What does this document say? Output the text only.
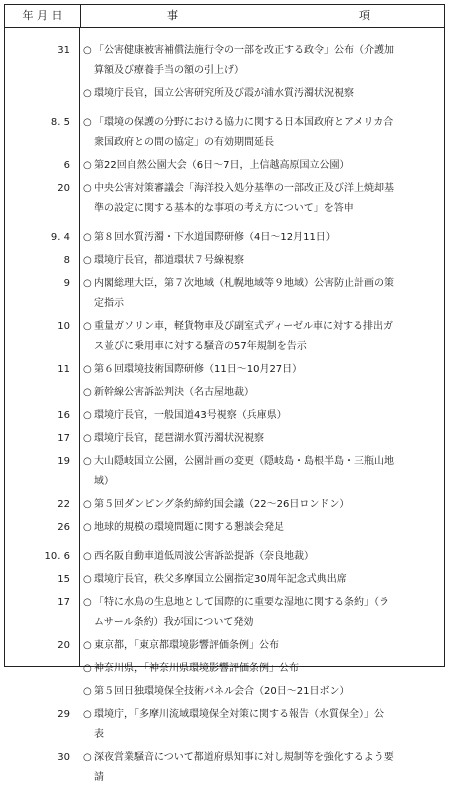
年 月 日	事	項
31 ○ 「公害健康被害補償法施行令の一部を改正する政令」公布（介護加
算額及び療養手当の額の引上げ）
○ 環境庁長官，国立公害研究所及び霞が浦水質汚濁状況視察
8. 5 ○ 「環境の保護の分野における協力に関する日本国政府とアメリカ合
衆国政府との間の協定」の有効期間延長
6 ○ 第22回自然公園大会（6日～7日，上信越高原国立公園）
20 ○ 中央公害対策審議会「海洋投入処分基準の一部改正及び洋上焼却基
準の設定に関する基本的な事項の考え方について」を答申
9. 4 ○ 第８回水質汚濁・下水道国際研修（4日～12月11日）
8 ○ 環境庁長官，都道環状７号線視察
9 ○ 内閣総理大臣，第７次地域（札幌地域等９地域）公害防止計画の策
定指示
10 ○ 重量ガソリン車，軽貨物車及び副室式ディーゼル車に対する排出ガ
ス並びに乗用車に対する騒音の57年規制を告示
11 ○ 第６回環境技術国際研修（11日～10月27日）
○ 新幹線公害訴訟判決（名古屋地裁）
16 ○ 環境庁長官，一般国道43号視察（兵庫県）
17 ○ 環境庁長官，琵琶湖水質汚濁状況視察
19 ○ 大山隠岐国立公園，公園計画の変更（隠岐島・島根半島・三瓶山地
域）
22 ○ 第５回ダンピング条約締約国会議（22～26日ロンドン）
26 ○ 地球的規模の環境問題に関する懇談会発足
10. 6 ○ 西名阪自動車道低周波公害訴訟提訴（奈良地裁）
15 ○ 環境庁長官，秩父多摩国立公園指定30周年記念式典出席
17 ○ 「特に水鳥の生息地として国際的に重要な湿地に関する条約」（ラ
ムサール条約）我が国について発効
20 ○ 東京都，「東京都環境影響評価条例」公布
○ 神奈川県，「神奈川県環境影響評価条例」公布
○ 第５回日独環境保全技術パネル会合（20日～21日ボン）
29 ○ 環境庁，「多摩川流域環境保全対策に関する報告（水質保全）」公
表
30 ○ 深夜営業騒音について都道府県知事に対し規制等を強化するよう要
請
